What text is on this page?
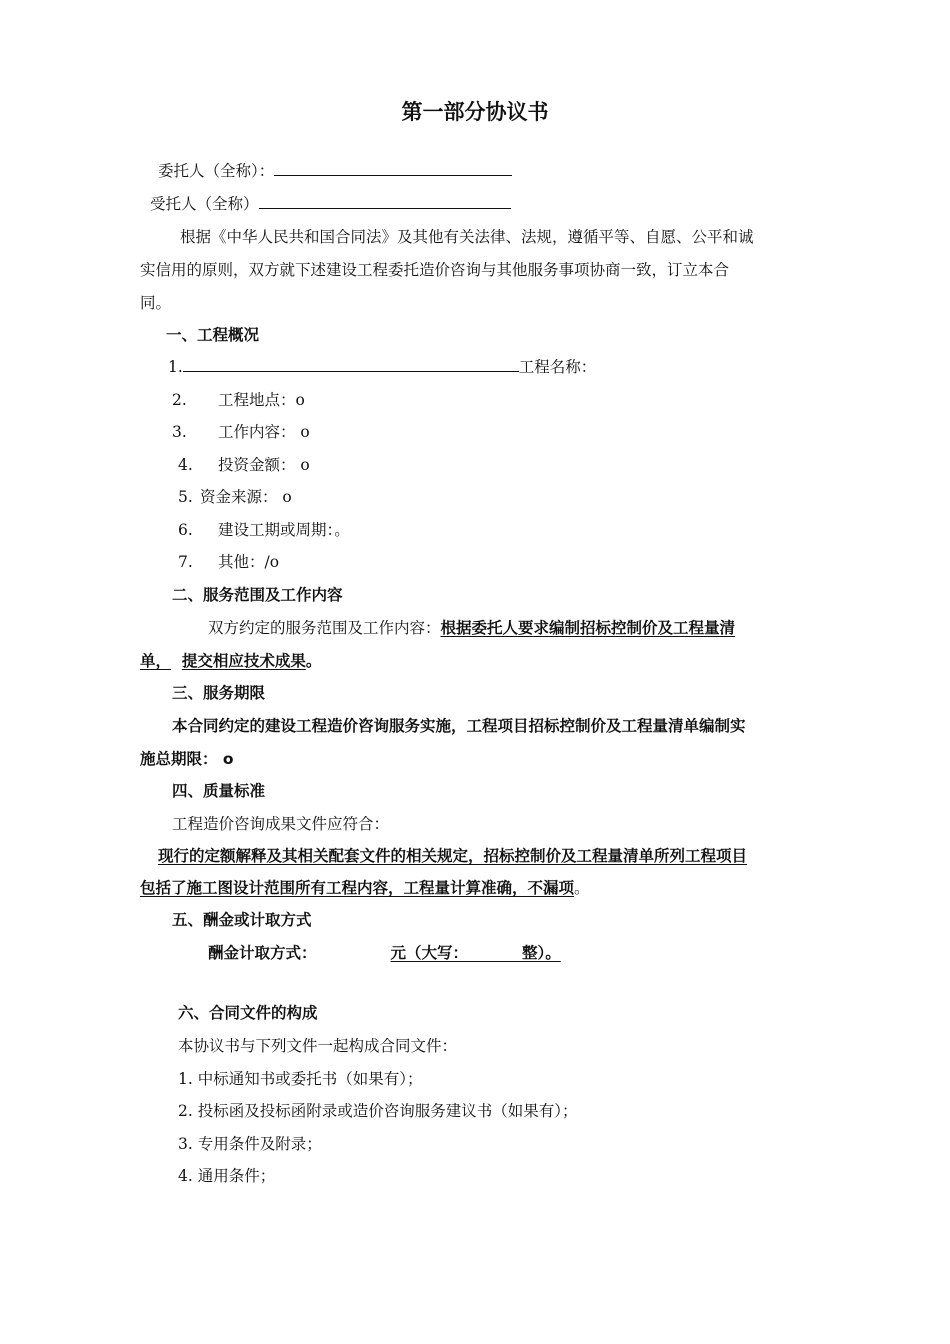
第一部分协议书
委托人（全称）：
受托人（全称）
根据《中华人民共和国合同法》及其他有关法律、法规，遵循平等、自愿、公平和诚
实信用的原则，双方就下述建设工程委托造价咨询与其他服务事项协商一致，订立本合
同。
一、工程概况
1.	工程名称：
2. 工程地点：o
3. 工作内容： o
4. 投资金额： o
5. 资金来源： o
6. 建设工期或周期：。
7. 其他：/o
二、服务范围及工作内容
双方约定的服务范围及工作内容：根据委托人要求编制招标控制价及工程量清
单， 提交相应技术成果。
三、服务期限
本合同约定的建设工程造价咨询服务实施，工程项目招标控制价及工程量清单编制实
施总期限： o
四、质量标准
工程造价咨询成果文件应符合：
现行的定额解释及其相关配套文件的相关规定，招标控制价及工程量清单所列工程项目
包括了施工图设计范围所有工程内容，工程量计算准确，不漏项。
五、酬金或计取方式
酬金计取方式：	元（大写：          整）。
六、合同文件的构成
本协议书与下列文件一起构成合同文件：
1. 中标通知书或委托书（如果有）；
2. 投标函及投标函附录或造价咨询服务建议书（如果有）；
3. 专用条件及附录；
4. 通用条件；
